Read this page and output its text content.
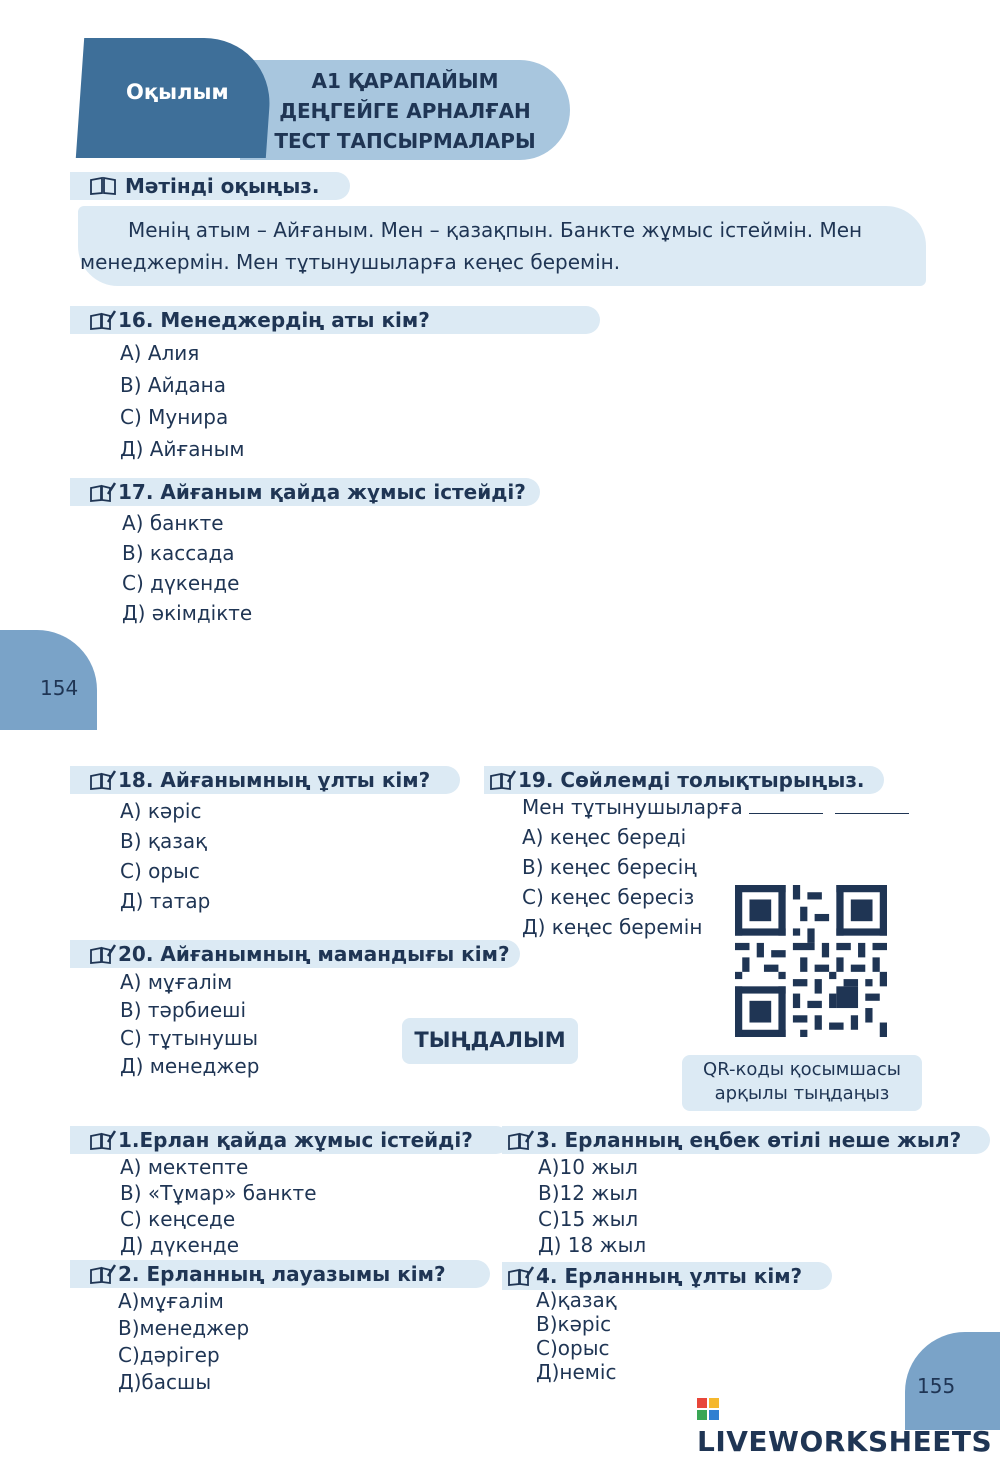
Оқылым	А1 ҚАРАПАЙЫМ
ДЕҢГЕЙГЕ АРНАЛҒАН
ТЕСТ ТАПСЫРМАЛАРЫ
Мәтінді оқыңыз.
Менің атым – Айғаным. Мен – қазақпын. Банкте жұмыс істеймін. Мен
менеджермін. Мен тұтынушыларға кеңес беремін.
16. Менеджердің аты кім?
А) Алия
В) Айдана
С) Мунира
Д) Айғаным
17. Айғаным қайда жұмыс істейді?
А) банкте
В) кассада
С) дүкенде
Д) әкімдікте
154
18. Айғанымның ұлты кім?
А) кәріс
В) қазақ
С) орыс
Д) татар
19. Сөйлемді толықтырыңыз.
Мен тұтынушыларға
А) кеңес береді
В) кеңес бересің
С) кеңес бересіз
Д) кеңес беремін
20. Айғанымның мамандығы кім?
А) мұғалім
В) тәрбиеші
С) тұтынушы
Д) менеджер
ТЫҢДАЛЫМ
QR-коды қосымшасы
арқылы тыңдаңыз
1.Ерлан қайда жұмыс істейді?
А) мектепте
В) «Тұмар» банкте
С) кеңседе
Д) дүкенде
3. Ерланның еңбек өтілі неше жыл?
А)10 жыл
В)12 жыл
С)15 жыл
Д) 18 жыл
2. Ерланның лауазымы кім?
А)мұғалім
В)менеджер
С)дәрігер
Д)басшы
4. Ерланның ұлты кім?
А)қазақ
В)кәріс
С)орыс
Д)неміс
155
LIVEWORKSHEETS
